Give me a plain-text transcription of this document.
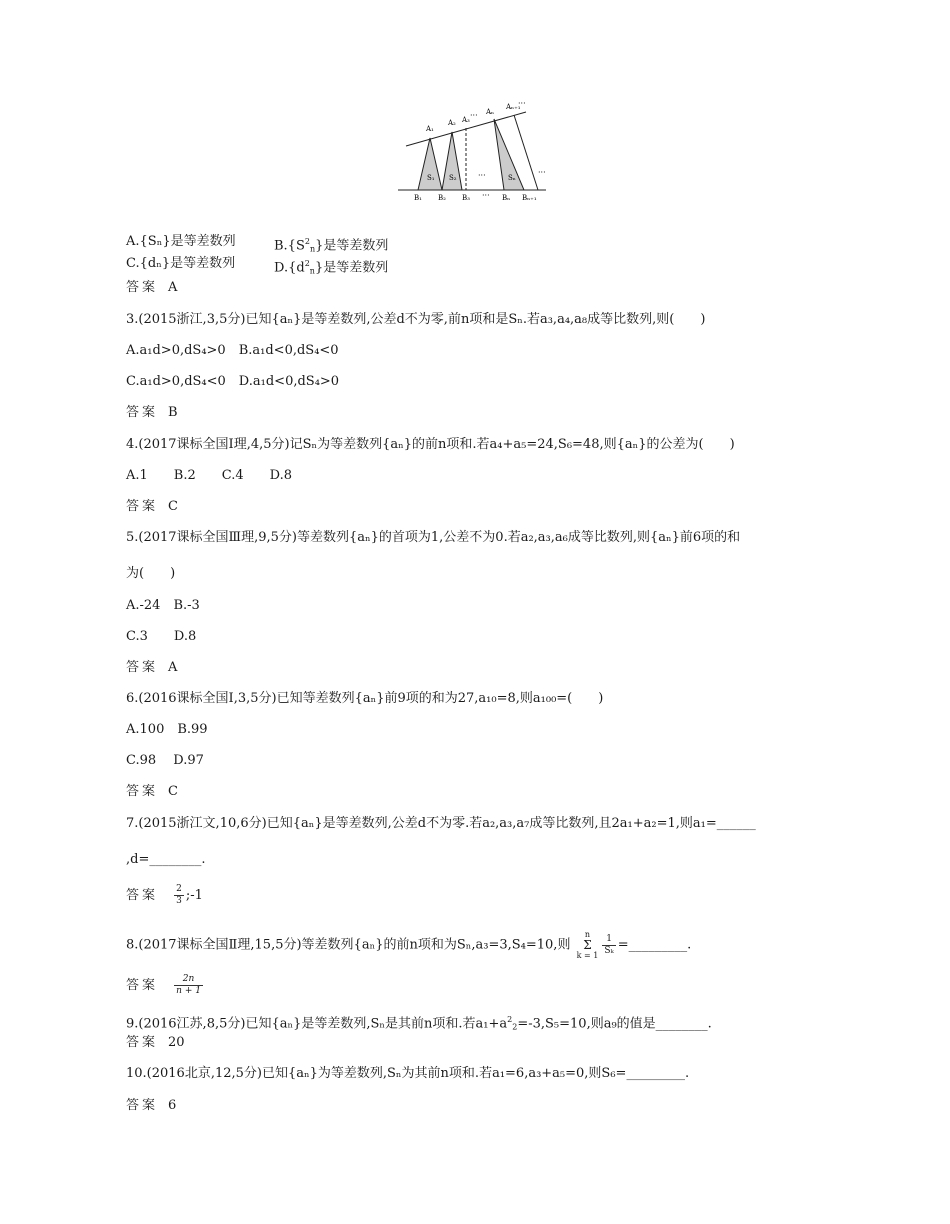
A₁
A₂ A₃
Aₙ
Aₙ₊₁
B₁ B₂ B₃	Bₙ Bₙ₊₁
S₁ S₂	Sₙ
···
···
···
···
···
A.{Sₙ}是等差数列	$B.\{S^2_n\}$是等差数列
C.{dₙ}是等差数列	$D.\{d^2_n\}$是等差数列
答案 A
3.(2015浙江,3,5分)已知{aₙ}是等差数列,公差d不为零,前n项和是Sₙ.若a₃,a₄,a₈成等比数列,则(　　)
A.a₁d>0,dS₄>0　B.a₁d<0,dS₄<0
C.a₁d>0,dS₄<0　D.a₁d<0,dS₄>0
答案 B
4.(2017课标全国Ⅰ理,4,5分)记Sₙ为等差数列{aₙ}的前n项和.若a₄+a₅=24,S₆=48,则{aₙ}的公差为(　　)
A.1　　B.2　　C.4　　D.8
答案 C
5.(2017课标全国Ⅲ理,9,5分)等差数列{aₙ}的首项为1,公差不为0.若a₂,a₃,a₆成等比数列,则{aₙ}前6项的和
为(　　)
A.-24　B.-3
C.3　　D.8
答案 A
6.(2016课标全国Ⅰ,3,5分)已知等差数列{aₙ}前9项的和为27,a₁₀=8,则a₁₀₀=(　　)
A.100　B.99
C.98　 D.97
答案 C
7.(2015浙江文,10,6分)已知{aₙ}是等差数列,公差d不为零.若a₂,a₃,a₇成等比数列,且2a₁+a₂=1,则a₁=______
,d=________.
答案 $\frac{2}{3}$ ;-1
8.(2017课标全国Ⅱ理,15,5分)等差数列{aₙ}的前n项和为Sₙ,a₃=3,S₄=10,则
n
Σ
$k = 1 \frac{1}{\text{Sₖ}}$ =_________.
答案 $\frac{2n}{n + 1}$
9.(2016江苏,8,5分)已知{aₙ}是等差数列,Sₙ是其前n项和.若$a_1+a^2_2=-3,S_5=10$,则a₉的值是________.
答案 20
10.(2016北京,12,5分)已知{aₙ}为等差数列,Sₙ为其前n项和.若a₁=6,a₃+a₅=0,则S₆=_________.
答案 6
